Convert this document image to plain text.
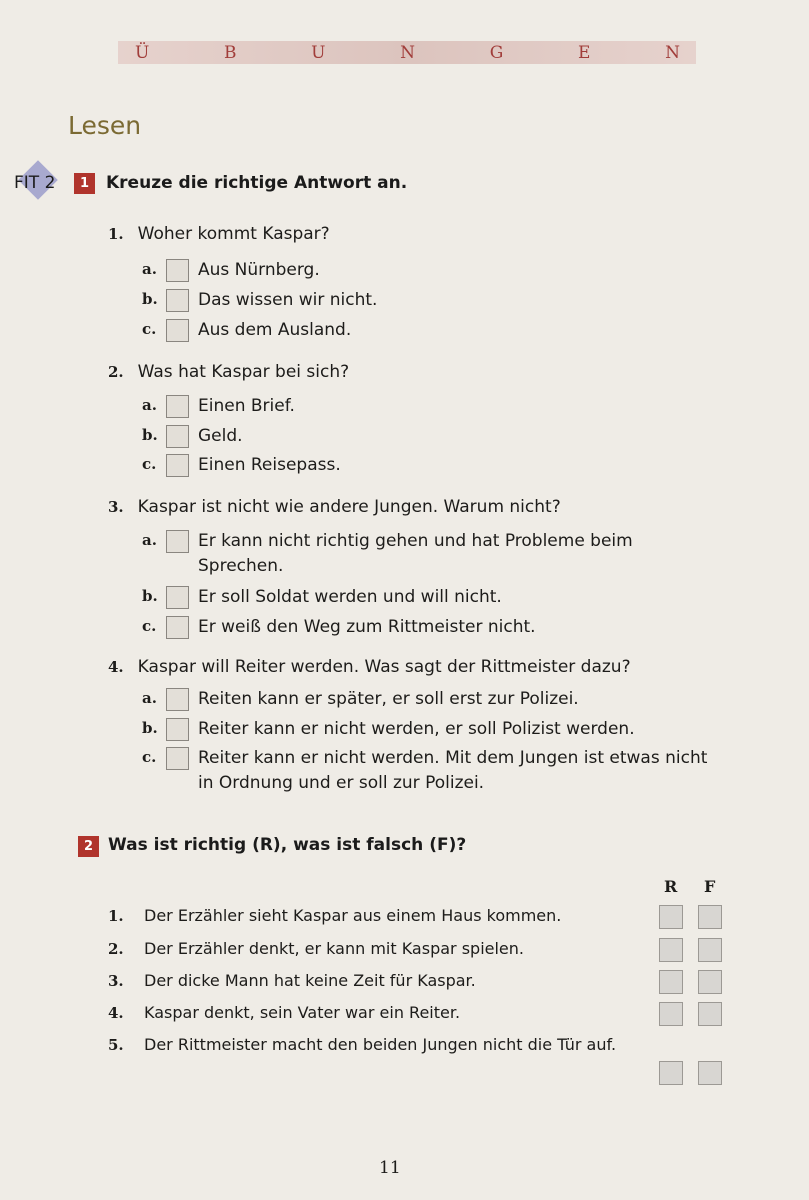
Ü	B	U	N	G	E	N
Lesen
FIT 2	1 Kreuze die richtige Antwort an.
1. Woher kommt Kaspar?
a.	Aus Nürnberg.
b.	Das wissen wir nicht.
c.	Aus dem Ausland.
2. Was hat Kaspar bei sich?
a.	Einen Brief.
b.	Geld.
c.	Einen Reisepass.
3. Kaspar ist nicht wie andere Jungen. Warum nicht?
a.	Er kann nicht richtig gehen und hat Probleme beim Sprechen.
b.	Er soll Soldat werden und will nicht.
c.	Er weiß den Weg zum Rittmeister nicht.
4. Kaspar will Reiter werden. Was sagt der Rittmeister dazu?
a.	Reiten kann er später, er soll erst zur Polizei.
b.	Reiter kann er nicht werden, er soll Polizist werden.
c.	Reiter kann er nicht werden. Mit dem Jungen ist etwas nicht in Ordnung und er soll zur Polizei.
2 Was ist richtig (R), was ist falsch (F)?
R F
1.	Der Erzähler sieht Kaspar aus einem Haus kommen.
2.	Der Erzähler denkt, er kann mit Kaspar spielen.
3.	Der dicke Mann hat keine Zeit für Kaspar.
4.	Kaspar denkt, sein Vater war ein Reiter.
5.	Der Rittmeister macht den beiden Jungen nicht die Tür auf.
11
